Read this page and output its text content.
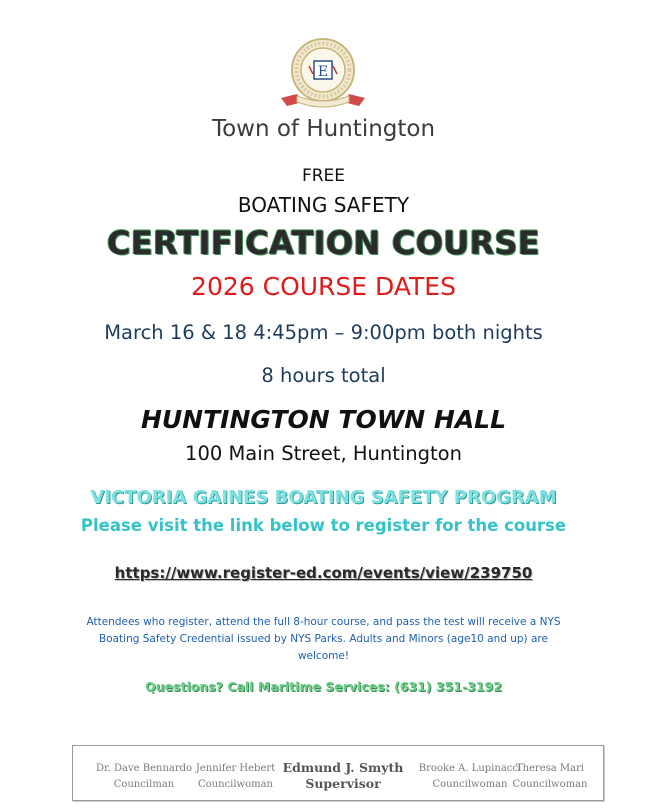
E
Town of Huntington
FREE
BOATING SAFETY
CERTIFICATION COURSE
2026 COURSE DATES
March 16 & 18 4:45pm – 9:00pm both nights
8 hours total
HUNTINGTON TOWN HALL
100 Main Street, Huntington
VICTORIA GAINES BOATING SAFETY PROGRAM
Please visit the link below to register for the course
https://www.register-ed.com/events/view/239750
Attendees who register, attend the full 8-hour course, and pass the test will receive a NYS
Boating Safety Credential issued by NYS Parks. Adults and Minors (age10 and up) are
welcome!
Questions? Call Maritime Services: (631) 351-3192
Dr. Dave Bennardo
Councilman
Jennifer Hebert
Councilwoman
Edmund J. Smyth
Supervisor
Brooke A. Lupinacci
Councilwoman
Theresa Mari
Councilwoman
